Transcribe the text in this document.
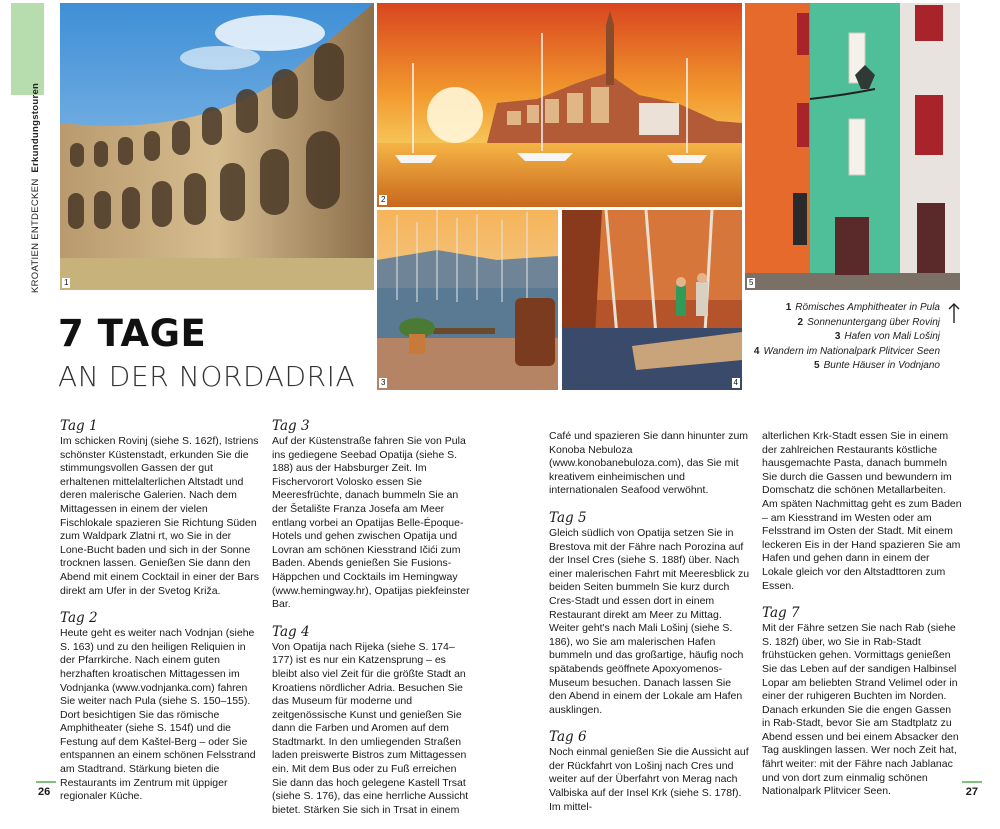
KROATIEN ENTDECKEN  Erkundungstouren
1
2
5
3	4
7 TAGE
AN DER NORDADRIA
1 Römisches Amphitheater in Pula
2 Sonnenuntergang über Rovinj
3 Hafen von Mali Lošinj
4 Wandern im Nationalpark Plitvicer Seen
5 Bunte Häuser in Vodnjano
Tag 1

Im schicken Rovinj (siehe S. 162f), Istriens schönster Küstenstadt, erkunden Sie die stimmungsvollen Gassen der gut erhaltenen mittelalterlichen Altstadt und deren malerische Galerien. Nach dem Mittagessen in einem der vielen Fischlokale spazieren Sie Richtung Süden zum Waldpark Zlatni rt, wo Sie in der Lone-Bucht baden und sich in der Sonne trocknen lassen. Genießen Sie dann den Abend mit einem Cocktail in einer der Bars direkt am Ufer in der Svetog Križa.

Tag 2

Heute geht es weiter nach Vodnjan (siehe S. 163) und zu den heiligen Reliquien in der Pfarrkirche. Nach einem guten herzhaften kroatischen Mittagessen im Vodnjanka (www.vodnjanka.com) fahren Sie weiter nach Pula (siehe S. 150–155). Dort besichtigen Sie das römische Amphitheater (siehe S. 154f) und die Festung auf dem Kaštel-Berg – oder Sie entspannen an einem schönen Felsstrand am Stadtrand. Stärkung bieten die Restaurants im Zentrum mit üppiger regionaler Küche.

Tag 3

Auf der Küstenstraße fahren Sie von Pula ins gediegene Seebad Opatija (siehe S. 188) aus der Habsburger Zeit. Im Fischervorort Volosko essen Sie Meeresfrüchte, danach bummeln Sie an der Šetalište Franza Josefa am Meer entlang vorbei an Opatijas Belle-Époque-Hotels und gehen zwischen Opatija und Lovran am schönen Kiesstrand Ičići zum Baden. Abends genießen Sie Fusions-Häppchen und Cocktails im Hemingway (www.hemingway.hr), Opatijas piekfeinster Bar.

Tag 4

Von Opatija nach Rijeka (siehe S. 174–177) ist es nur ein Katzensprung – es bleibt also viel Zeit für die größte Stadt an Kroatiens nördlicher Adria. Besuchen Sie das Museum für moderne und zeitgenössische Kunst und genießen Sie dann die Farben und Aromen auf dem Stadtmarkt. In den umliegenden Straßen laden preiswerte Bistros zum Mittagessen ein. Mit dem Bus oder zu Fuß erreichen Sie dann das hoch gelegene Kastell Trsat (siehe S. 176), das eine herrliche Aussicht bietet. Stärken Sie sich in Trsat in einem

Café und spazieren Sie dann hinunter zum Konoba Nebuloza (www.konobanebuloza.com), das Sie mit kreativem einheimischen und internationalen Seafood verwöhnt.

Tag 5

Gleich südlich von Opatija setzen Sie in Brestova mit der Fähre nach Porozina auf der Insel Cres (siehe S. 188f) über. Nach einer malerischen Fahrt mit Meeresblick zu beiden Seiten bummeln Sie kurz durch Cres-Stadt und essen dort in einem Restaurant direkt am Meer zu Mittag. Weiter geht's nach Mali Lošinj (siehe S. 186), wo Sie am malerischen Hafen bummeln und das großartige, häufig noch spätabends geöffnete Apoxyomenos-Museum besuchen. Danach lassen Sie den Abend in einem der Lokale am Hafen ausklingen.

Tag 6

Noch einmal genießen Sie die Aussicht auf der Rückfahrt von Lošinj nach Cres und weiter auf der Überfahrt von Merag nach Valbiska auf der Insel Krk (siehe S. 178f). Im mittel-

alterlichen Krk-Stadt essen Sie in einem der zahlreichen Restaurants köstliche hausgemachte Pasta, danach bummeln Sie durch die Gassen und bewundern im Domschatz die schönen Metallarbeiten. Am späten Nachmittag geht es zum Baden – am Kiesstrand im Westen oder am Felsstrand im Osten der Stadt. Mit einem leckeren Eis in der Hand spazieren Sie am Hafen und gehen dann in einem der Lokale gleich vor den Altstadttoren zum Essen.

Tag 7

Mit der Fähre setzen Sie nach Rab (siehe S. 182f) über, wo Sie in Rab-Stadt frühstücken gehen. Vormittags genießen Sie das Leben auf der sandigen Halbinsel Lopar am beliebten Strand Velimel oder in einer der ruhigeren Buchten im Norden. Danach erkunden Sie die engen Gassen in Rab-Stadt, bevor Sie am Stadtplatz zu Abend essen und bei einem Absacker den Tag ausklingen lassen. Wer noch Zeit hat, fährt weiter: mit der Fähre nach Jablanac und von dort zum einmalig schönen Nationalpark Plitvicer Seen.

26	27
